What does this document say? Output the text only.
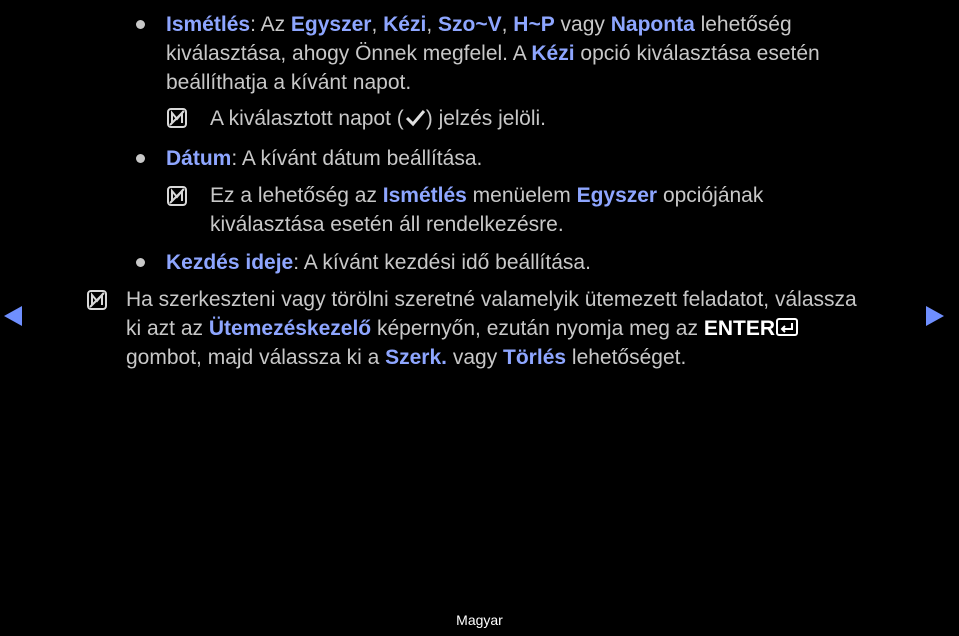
Ismétlés: Az Egyszer, Kézi, Szo~V, H~P vagy Naponta lehetőség
kiválasztása, ahogy Önnek megfelel. A Kézi opció kiválasztása esetén
beállíthatja a kívánt napot.
A kiválasztott napot ( ) jelzés jelöli.
Dátum: A kívánt dátum beállítása.
Ez a lehetőség az Ismétlés menüelem Egyszer opciójának
kiválasztása esetén áll rendelkezésre.
Kezdés ideje: A kívánt kezdési idő beállítása.
Ha szerkeszteni vagy törölni szeretné valamelyik ütemezett feladatot, válassza
ki azt az Ütemezéskezelő képernyőn, ezután nyomja meg az ENTER
gombot, majd válassza ki a Szerk. vagy Törlés lehetőséget.
Magyar
